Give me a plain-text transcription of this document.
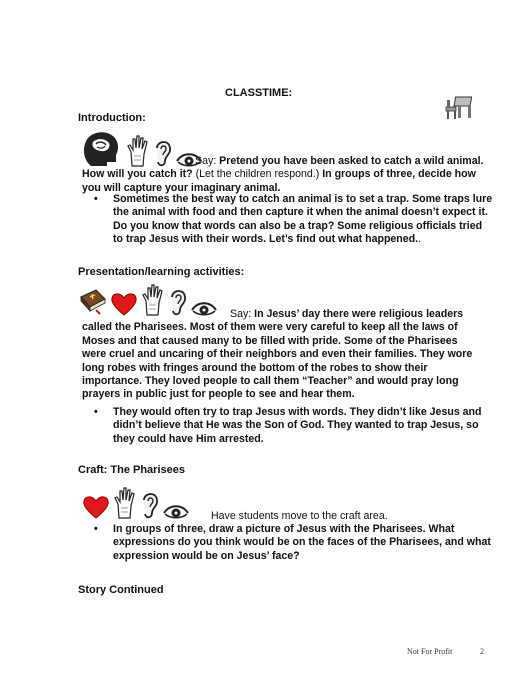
CLASSTIME:
Introduction:
Say: Pretend you have been asked to catch a wild animal. How will you catch it? (Let the children respond.) In groups of three, decide how you will capture your imaginary animal.
• Sometimes the best way to catch an animal is to set a trap. Some traps lure the animal with food and then capture it when the animal doesn’t expect it. Do you know that words can also be a trap? Some religious officials tried to trap Jesus with their words. Let’s find out what happened..
Presentation/learning activities:
Say: In Jesus’ day there were religious leaders called the Pharisees. Most of them were very careful to keep all the laws of Moses and that caused many to be filled with pride. Some of the Pharisees were cruel and uncaring of their neighbors and even their families. They wore long robes with fringes around the bottom of the robes to show their importance. They loved people to call them “Teacher” and would pray long prayers in public just for people to see and hear them.
• They would often try to trap Jesus with words. They didn’t like Jesus and didn’t believe that He was the Son of God. They wanted to trap Jesus, so they could have Him arrested.
Craft: The Pharisees
Have students move to the craft area.
• In groups of three, draw a picture of Jesus with the Pharisees. What expressions do you think would be on the faces of the Pharisees, and what expression would be on Jesus’ face?
Story Continued
Not For Profit	2
